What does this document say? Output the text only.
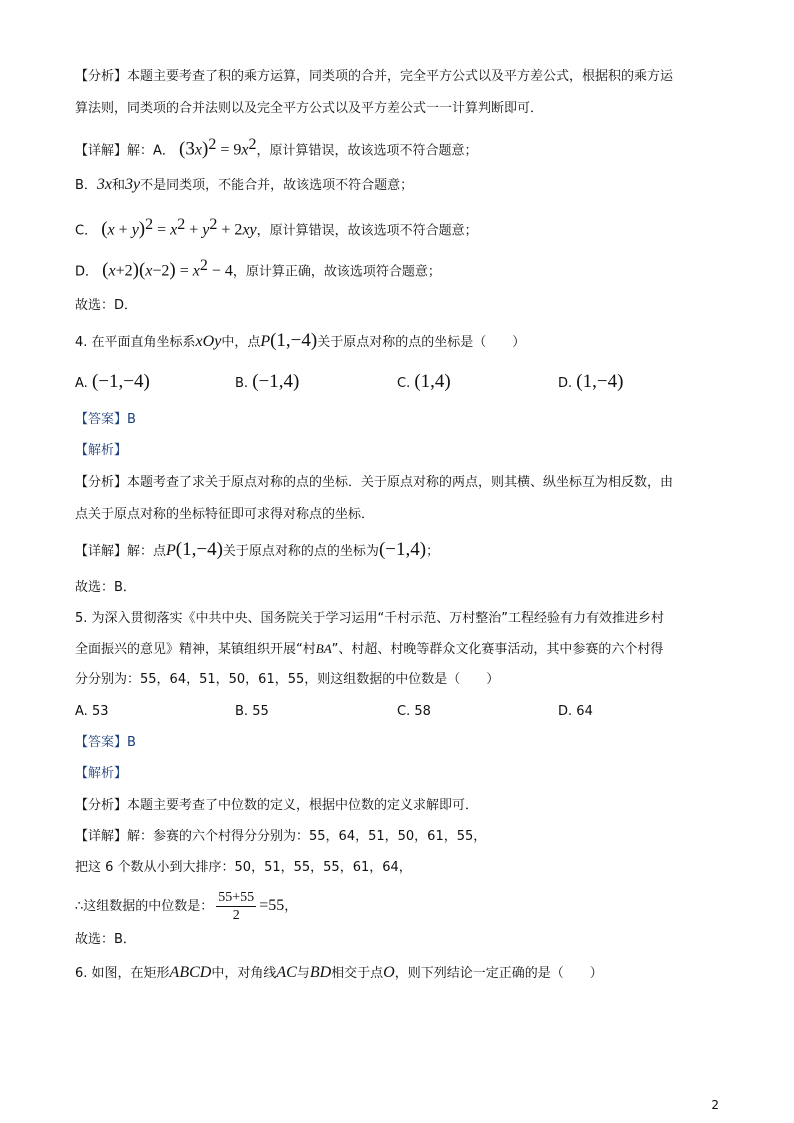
【分析】本题主要考查了积的乘方运算，同类项的合并，完全平方公式以及平方差公式，根据积的乘方运
算法则，同类项的合并法则以及完全平方公式以及平方差公式一一计算判断即可．
【详解】解：A． $(3x)^2 = 9x^2$，原计算错误，故该选项不符合题意；
B．3x和3y不是同类项，不能合并，故该选项不符合题意；
C． $(x + y)^2 = x^2 + y^2 + 2xy$，原计算错误，故该选项不符合题意；
D． $(x+2)(x-2) = x^2 - 4$，原计算正确，故该选项符合题意；
故选：D．
4. 在平面直角坐标系xOy中，点P(1,−4)关于原点对称的点的坐标是（　　）
A. (−1,−4)	B. (−1,4)	C. (1,4)	D. (1,−4)
【答案】B
【解析】
【分析】本题考查了求关于原点对称的点的坐标．关于原点对称的两点，则其横、纵坐标互为相反数，由
点关于原点对称的坐标特征即可求得对称点的坐标．
【详解】解：点P(1,−4)关于原点对称的点的坐标为(−1,4)；
故选：B．
5. 为深入贯彻落实《中共中央、国务院关于学习运用“千村示范、万村整治”工程经验有力有效推进乡村
全面振兴的意见》精神，某镇组织开展“村BA”、村超、村晚等群众文化赛事活动，其中参赛的六个村得
分分别为：55，64，51，50，61，55，则这组数据的中位数是（　　）
A. 53	B. 55	C. 58	D. 64
【答案】B
【解析】
【分析】本题主要考查了中位数的定义，根据中位数的定义求解即可．
【详解】解：参赛的六个村得分分别为：55，64，51，50，61，55，
把这 6 个数从小到大排序：50，51，55，55，61，64，
∴这组数据的中位数是： $\frac{55+55}{2} =55$，
故选：B．
6. 如图，在矩形ABCD中，对角线AC与BD相交于点O，则下列结论一定正确的是（　　）
2
